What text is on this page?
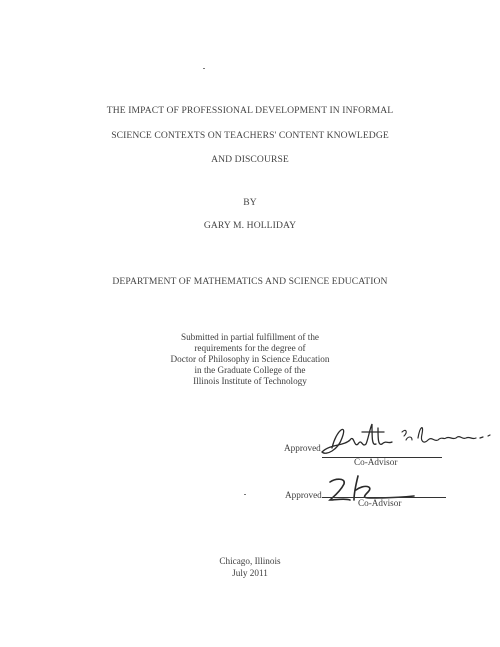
THE IMPACT OF PROFESSIONAL DEVELOPMENT IN INFORMAL
SCIENCE CONTEXTS ON TEACHERS' CONTENT KNOWLEDGE
AND DISCOURSE
BY
GARY M. HOLLIDAY
DEPARTMENT OF MATHEMATICS AND SCIENCE EDUCATION
Submitted in partial fulfillment of the
requirements for the degree of
Doctor of Philosophy in Science Education
in the Graduate College of the
Illinois Institute of Technology
Approved
Co-Advisor
Approved
Co-Advisor
Chicago, Illinois
July 2011
